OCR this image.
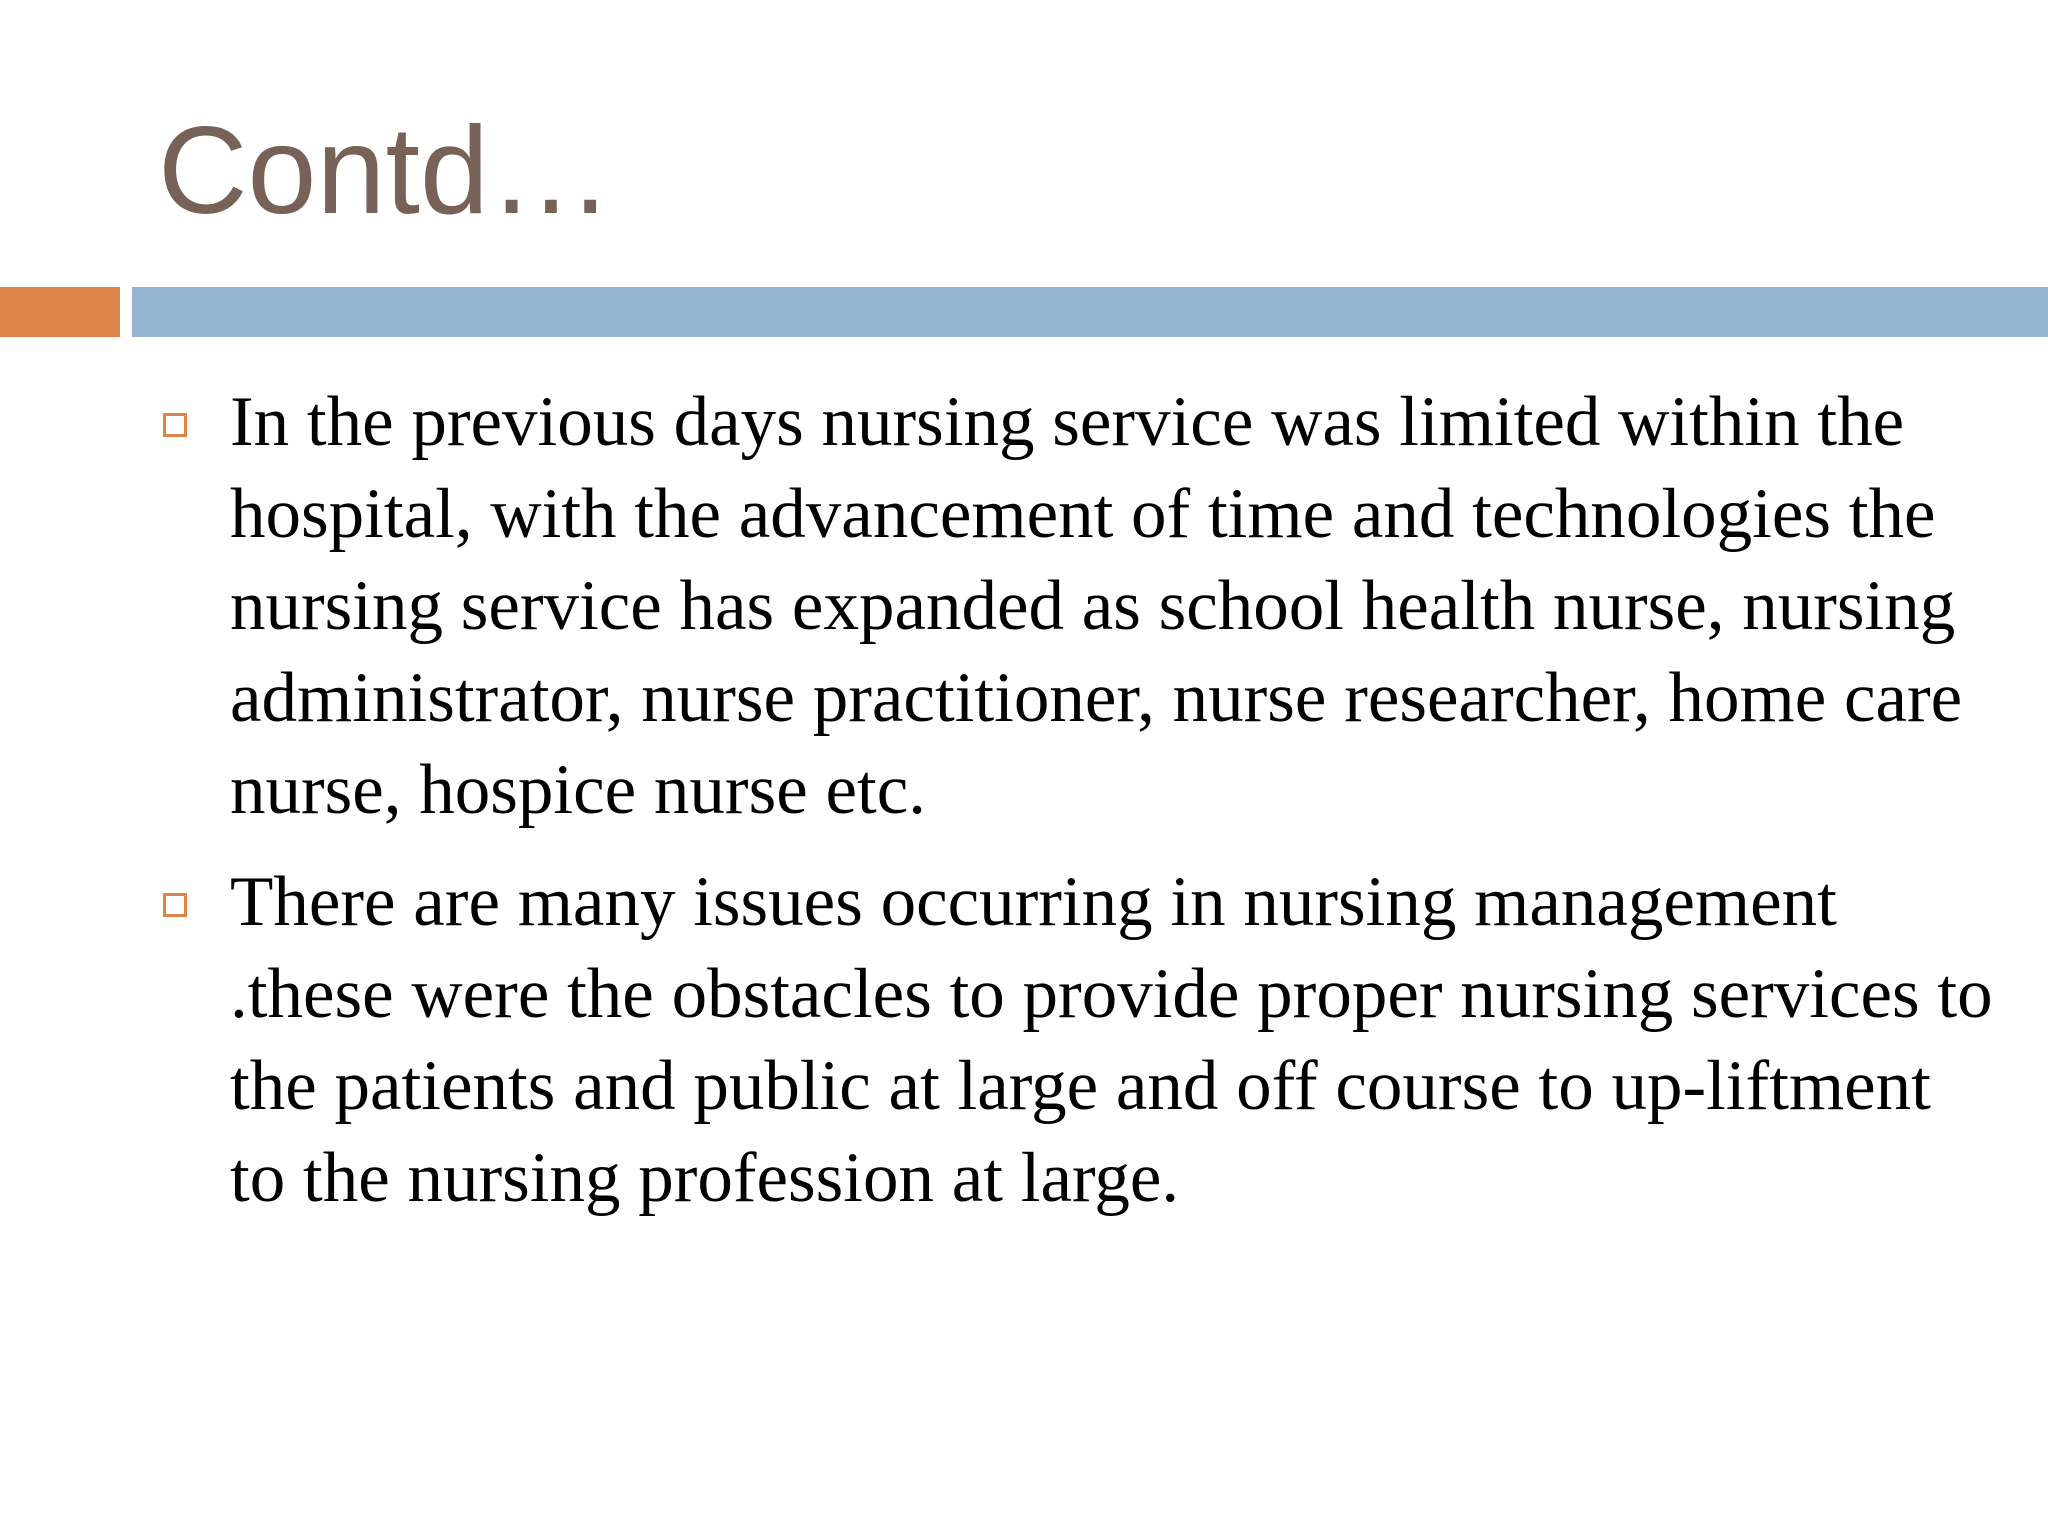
Contd…
In the previous days nursing service was limited within the hospital, with the advancement of time and technologies the nursing service has expanded as school health nurse, nursing administrator, nurse practitioner, nurse researcher, home care nurse, hospice nurse etc.
There are many issues occurring in nursing management .these were the obstacles to provide proper nursing services to the patients and public at large and off course to up-liftment to the nursing profession at large.
